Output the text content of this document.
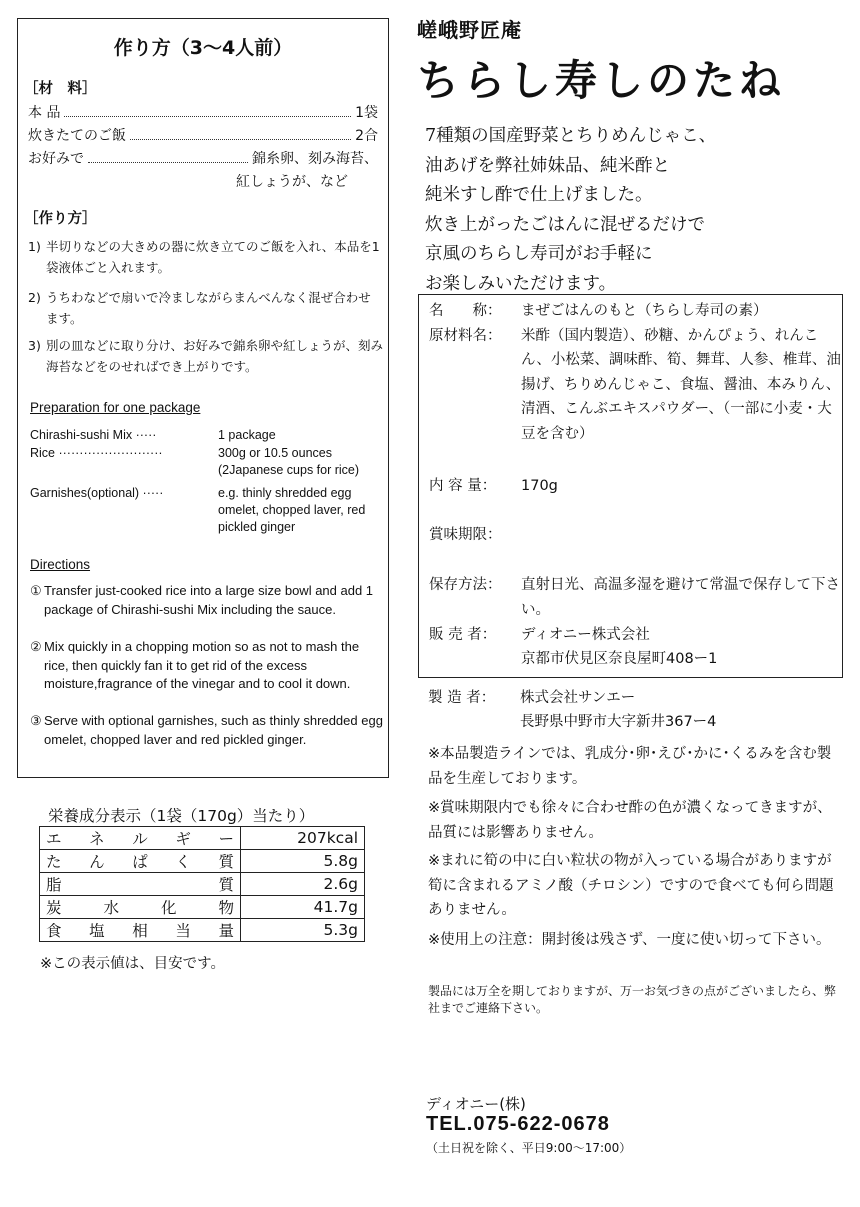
作り方（3～4人前）
［材　料］
本 品	1袋
炊きたてのご飯	2合
お好みで	錦糸卵、刻み海苔、
紅しょうが、など
［作り方］
1) 半切りなどの大きめの器に炊き立てのご飯を入れ、本品を1袋液体ごと入れます。
2) うちわなどで扇いで冷ましながらまんべんなく混ぜ合わせます。
3) 別の皿などに取り分け、お好みで錦糸卵や紅しょうが、刻み海苔などをのせればでき上がりです。
Preparation for one package
Chirashi-sushi Mix ·····	1 package
Rice ·························	300g or 10.5 ounces (2Japanese cups for rice)
Garnishes(optional) ·····	e.g. thinly shredded egg omelet, chopped laver, red pickled ginger
Directions
① Transfer just-cooked rice into a large size bowl and add 1 package of Chirashi-sushi Mix including the sauce.
② Mix quickly in a chopping motion so as not to mash the rice, then quickly fan it to get rid of the excess moisture,fragrance of the vinegar and to cool it down.
③ Serve with optional garnishes, such as thinly shredded egg omelet, chopped laver and red pickled ginger.
栄養成分表示（1袋（170g）当たり）
エ ネ ル ギ ー	207kcal

た ん ぱ く 質	5.8g

脂 質	2.6g

炭 水 化 物	41.7g

食 塩 相 当 量	5.3g
※この表示値は、目安です。
嵯峨野匠庵
ちらし寿しのたね
7種類の国産野菜とちりめんじゃこ、
油あげを弊社姉妹品、純米酢と
純米すし酢で仕上げました。
炊き上がったごはんに混ぜるだけで
京風のちらし寿司がお手軽に
お楽しみいただけます。
名　　称：	まぜごはんのもと（ちらし寿司の素）
原材料名：	米酢（国内製造）、砂糖、かんぴょう、れんこん、小松菜、調味酢、筍、舞茸、人参、椎茸、油揚げ、ちりめんじゃこ、食塩、醤油、本みりん、清酒、こんぶエキスパウダー、（一部に小麦・大豆を含む）
内 容 量：	170g
賞味期限：
保存方法：	直射日光、高温多湿を避けて常温で保存して下さい。
販 売 者：	ディオニー株式会社
京都市伏見区奈良屋町408ー1
製 造 者：	株式会社サンエー
長野県中野市大字新井367ー4
※本品製造ラインでは、乳成分･卵･えび･かに･くるみを含む製品を生産しております。
※賞味期限内でも徐々に合わせ酢の色が濃くなってきますが、品質には影響ありません。
※まれに筍の中に白い粒状の物が入っている場合がありますが筍に含まれるアミノ酸（チロシン）ですので食べても何ら問題ありません。
※使用上の注意：開封後は残さず、一度に使い切って下さい。
製品には万全を期しておりますが、万一お気づきの点がございましたら、弊社までご連絡下さい。
ディオニー(株)
TEL.075-622-0678
（土日祝を除く、平日9:00～17:00）
